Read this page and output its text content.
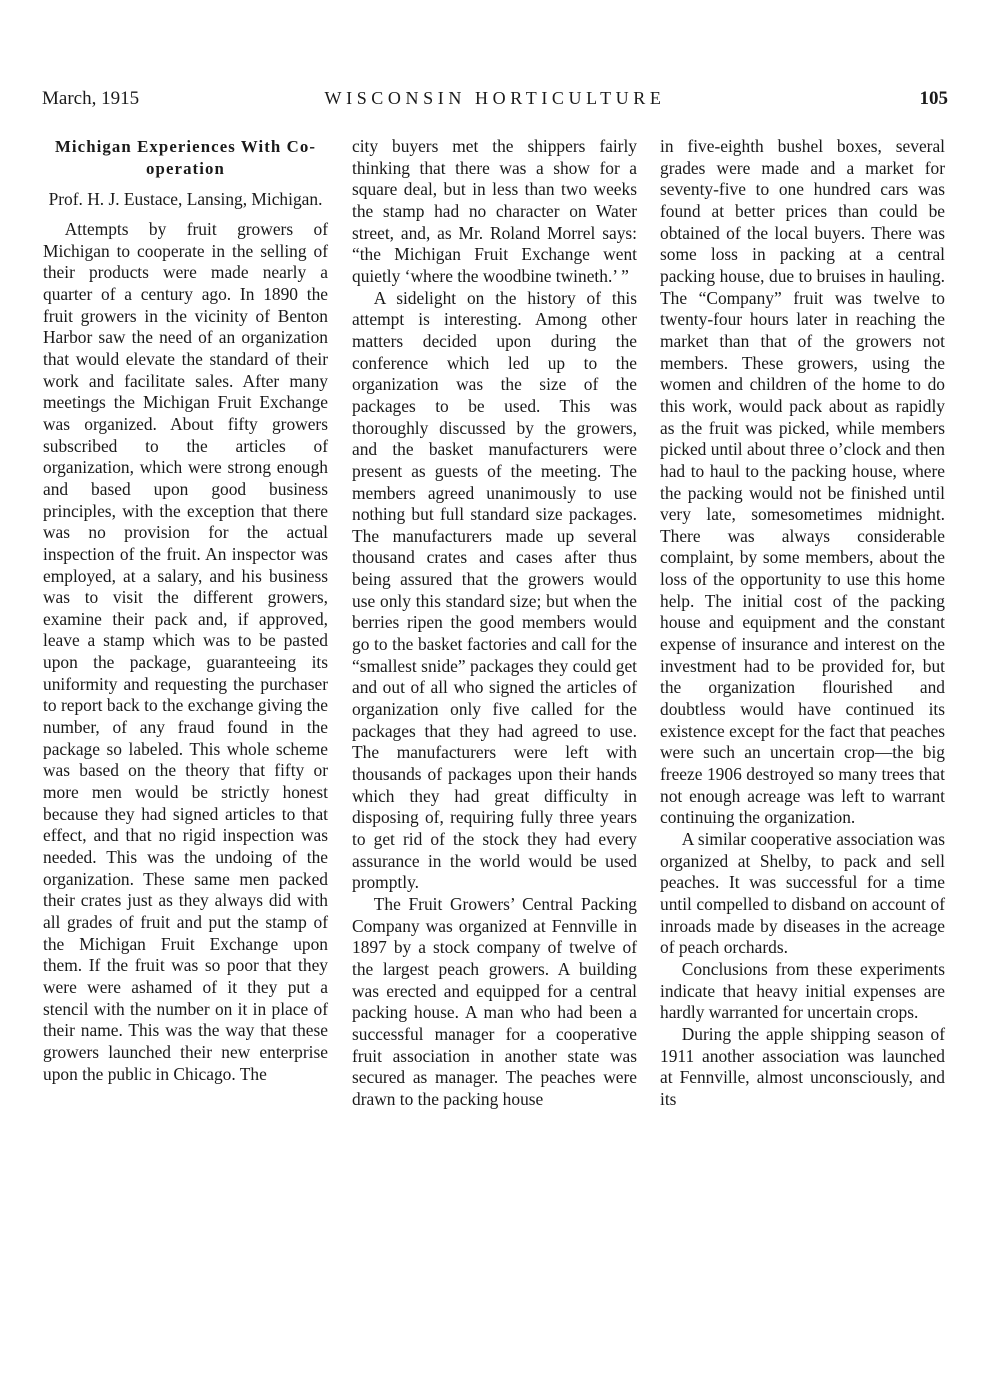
March, 1915	WISCONSIN HORTICULTURE	105
Michigan Experiences With Co-operation
Prof. H. J. Eustace, Lansing, Michigan.

Attempts by fruit growers of Michigan to cooperate in the selling of their products were made nearly a quarter of a century ago. In 1890 the fruit growers in the vicinity of Benton Harbor saw the need of an organization that would elevate the standard of their work and facilitate sales. After many meetings the Michigan Fruit Exchange was organized. About fifty growers subscribed to the articles of organization, which were strong enough and based upon good business principles, with the exception that there was no provision for the actual inspection of the fruit. An inspector was employed, at a salary, and his business was to visit the different growers, examine their pack and, if approved, leave a stamp which was to be pasted upon the package, guaranteeing its uniformity and requesting the purchaser to report back to the exchange giving the number, of any fraud found in the package so labeled. This whole scheme was based on the theory that fifty or more men would be strictly honest because they had signed articles to that effect, and that no rigid inspection was needed. This was the undoing of the organization. These same men packed their crates just as they always did with all grades of fruit and put the stamp of the Michigan Fruit Exchange upon them. If the fruit was so poor that they were were ashamed of it they put a stencil with the number on it in place of their name. This was the way that these growers launched their new enterprise upon the public in Chicago. The

city buyers met the shippers fairly thinking that there was a show for a square deal, but in less than two weeks the stamp had no character on Water street, and, as Mr. Roland Morrel says: “the Michigan Fruit Exchange went quietly ‘where the woodbine twineth.’ ”

A sidelight on the history of this attempt is interesting. Among other matters decided upon during the conference which led up to the organization was the size of the packages to be used. This was thoroughly discussed by the growers, and the basket manufacturers were present as guests of the meeting. The members agreed unanimously to use nothing but full standard size packages. The manufacturers made up several thousand crates and cases after thus being assured that the growers would use only this standard size; but when the berries ripen the good members would go to the basket factories and call for the “smallest snide” packages they could get and out of all who signed the articles of organization only five called for the packages that they had agreed to use. The manufacturers were left with thousands of packages upon their hands which they had great difficulty in disposing of, requiring fully three years to get rid of the stock they had every assurance in the world would be used promptly.

The Fruit Growers’ Central Packing Company was organized at Fennville in 1897 by a stock company of twelve of the largest peach growers. A building was erected and equipped for a central packing house. A man who had been a successful manager for a cooperative fruit association in another state was secured as manager. The peaches were drawn to the packing house

in five-eighth bushel boxes, several grades were made and a market for seventy-five to one hundred cars was found at better prices than could be obtained of the local buyers. There was some loss in packing at a central packing house, due to bruises in hauling. The “Company” fruit was twelve to twenty-four hours later in reaching the market than that of the growers not members. These growers, using the women and children of the home to do this work, would pack about as rapidly as the fruit was picked, while members picked until about three o’clock and then had to haul to the packing house, where the packing would not be finished until very late, somesometimes midnight. There was always considerable complaint, by some members, about the loss of the opportunity to use this home help. The initial cost of the packing house and equipment and the constant expense of insurance and interest on the investment had to be provided for, but the organization flourished and doubtless would have continued its existence except for the fact that peaches were such an uncertain crop—the big freeze 1906 destroyed so many trees that not enough acreage was left to warrant continuing the organization.

A similar cooperative association was organized at Shelby, to pack and sell peaches. It was successful for a time until compelled to disband on account of inroads made by diseases in the acreage of peach orchards.

Conclusions from these experiments indicate that heavy initial expenses are hardly warranted for uncertain crops.

During the apple shipping season of 1911 another association was launched at Fennville, almost unconsciously, and its
